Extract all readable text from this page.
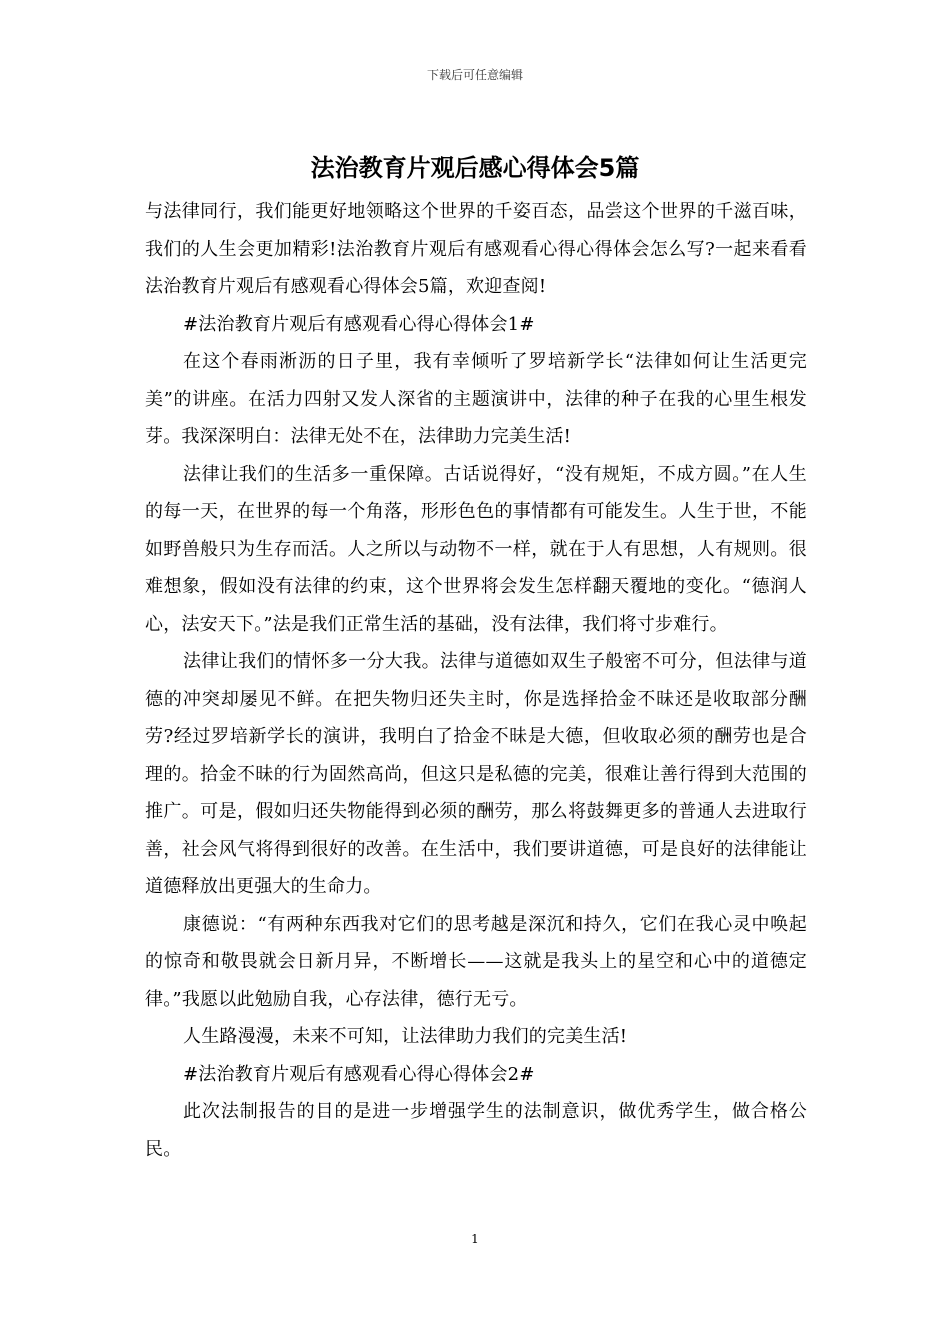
下载后可任意编辑
法治教育片观后感心得体会5篇

与法律同行，我们能更好地领略这个世界的千姿百态，品尝这个世界的千滋百味，我们的人生会更加精彩!法治教育片观后有感观看心得心得体会怎么写?一起来看看法治教育片观后有感观看心得体会5篇，欢迎查阅!

#法治教育片观后有感观看心得心得体会1#

在这个春雨淅沥的日子里，我有幸倾听了罗培新学长“法律如何让生活更完美”的讲座。在活力四射又发人深省的主题演讲中，法律的种子在我的心里生根发芽。我深深明白：法律无处不在，法律助力完美生活!

法律让我们的生活多一重保障。古话说得好，“没有规矩，不成方圆。”在人生的每一天，在世界的每一个角落，形形色色的事情都有可能发生。人生于世，不能如野兽般只为生存而活。人之所以与动物不一样，就在于人有思想，人有规则。很难想象，假如没有法律的约束，这个世界将会发生怎样翻天覆地的变化。“德润人心，法安天下。”法是我们正常生活的基础，没有法律，我们将寸步难行。

法律让我们的情怀多一分大我。法律与道德如双生子般密不可分，但法律与道德的冲突却屡见不鲜。在把失物归还失主时，你是选择拾金不昧还是收取部分酬劳?经过罗培新学长的演讲，我明白了拾金不昧是大德，但收取必须的酬劳也是合理的。拾金不昧的行为固然高尚，但这只是私德的完美，很难让善行得到大范围的推广。可是，假如归还失物能得到必须的酬劳，那么将鼓舞更多的普通人去进取行善，社会风气将得到很好的改善。在生活中，我们要讲道德，可是良好的法律能让道德释放出更强大的生命力。

康德说：“有两种东西我对它们的思考越是深沉和持久，它们在我心灵中唤起的惊奇和敬畏就会日新月异，不断增长——这就是我头上的星空和心中的道德定律。”我愿以此勉励自我，心存法律，德行无亏。

人生路漫漫，未来不可知，让法律助力我们的完美生活!

#法治教育片观后有感观看心得心得体会2#

此次法制报告的目的是进一步增强学生的法制意识，做优秀学生，做合格公民。

1
